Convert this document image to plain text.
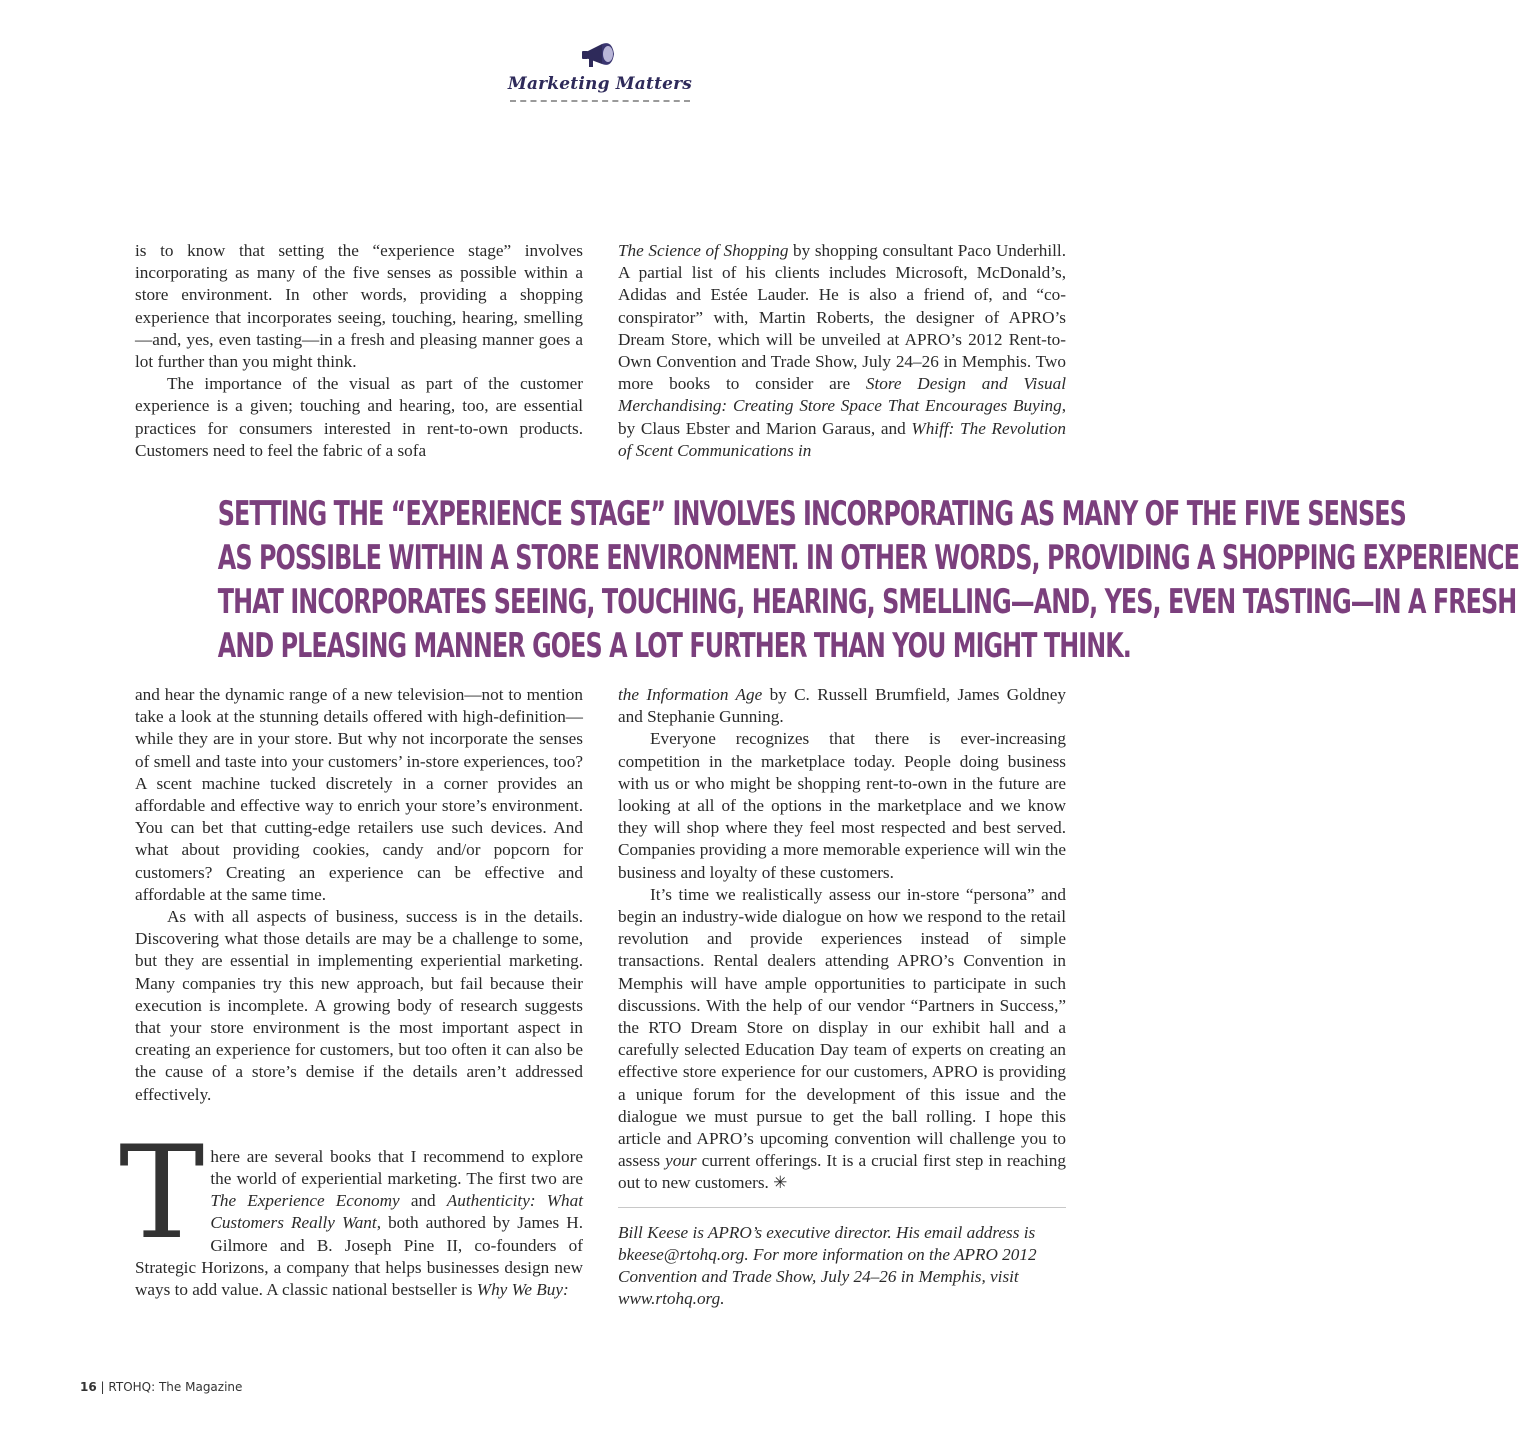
Marketing Matters

is to know that setting the “experience stage” involves incorporating as many of the five senses as possible within a store environment. In other words, providing a shopping experience that incorporates seeing, touching, hearing, smelling—and, yes, even tasting—in a fresh and pleasing manner goes a lot further than you might think.

The importance of the visual as part of the customer experience is a given; touching and hearing, too, are essential practices for consumers interested in rent-to-own products. Customers need to feel the fabric of a sofa

The Science of Shopping by shopping consultant Paco Underhill. A partial list of his clients includes Microsoft, McDonald’s, Adidas and Estée Lauder. He is also a friend of, and “co-conspirator” with, Martin Roberts, the designer of APRO’s Dream Store, which will be unveiled at APRO’s 2012 Rent-to-Own Convention and Trade Show, July 24–26 in Memphis. Two more books to consider are Store Design and Visual Merchandising: Creating Store Space That Encourages Buying, by Claus Ebster and Marion Garaus, and Whiff: The Revolution of Scent Communications in

SETTING THE “EXPERIENCE STAGE” INVOLVES INCORPORATING AS MANY OF THE FIVE SENSES
AS POSSIBLE WITHIN A STORE ENVIRONMENT. IN OTHER WORDS, PROVIDING A SHOPPING EXPERIENCE
THAT INCORPORATES SEEING, TOUCHING, HEARING, SMELLING—AND, YES, EVEN TASTING—IN A FRESH
AND PLEASING MANNER GOES A LOT FURTHER THAN YOU MIGHT THINK.

and hear the dynamic range of a new television—not to mention take a look at the stunning details offered with high-definition—while they are in your store. But why not incorporate the senses of smell and taste into your customers’ in-store experiences, too? A scent machine tucked discretely in a corner provides an affordable and effective way to enrich your store’s environment. You can bet that cutting-edge retailers use such devices. And what about providing cookies, candy and/or popcorn for customers? Creating an experience can be effective and affordable at the same time.

As with all aspects of business, success is in the details. Discovering what those details are may be a challenge to some, but they are essential in implementing experiential marketing. Many companies try this new approach, but fail because their execution is incomplete. A growing body of research suggests that your store environment is the most important aspect in creating an experience for customers, but too often it can also be the cause of a store’s demise if the details aren’t addressed effectively.

There are several books that I recommend to explore the world of experiential marketing. The first two are The Experience Economy and Authenticity: What Customers Really Want, both authored by James H. Gilmore and B. Joseph Pine II, co-founders of Strategic Horizons, a company that helps businesses design new ways to add value. A classic national bestseller is Why We Buy:

the Information Age by C. Russell Brumfield, James Goldney and Stephanie Gunning.

Everyone recognizes that there is ever-increasing competition in the marketplace today. People doing business with us or who might be shopping rent-to-own in the future are looking at all of the options in the marketplace and we know they will shop where they feel most respected and best served. Companies providing a more memorable experience will win the business and loyalty of these customers.

It’s time we realistically assess our in-store “persona” and begin an industry-wide dialogue on how we respond to the retail revolution and provide experiences instead of simple transactions. Rental dealers attending APRO’s Convention in Memphis will have ample opportunities to participate in such discussions. With the help of our vendor “Partners in Success,” the RTO Dream Store on display in our exhibit hall and a carefully selected Education Day team of experts on creating an effective store experience for our customers, APRO is providing a unique forum for the development of this issue and the dialogue we must pursue to get the ball rolling. I hope this article and APRO’s upcoming convention will challenge you to assess your current offerings. It is a crucial first step in reaching out to new customers. ✳

Bill Keese is APRO’s executive director. His email address is bkeese@rtohq.org. For more information on the APRO 2012 Convention and Trade Show, July 24–26 in Memphis, visit www.rtohq.org.

16 | RTOHQ: The Magazine
